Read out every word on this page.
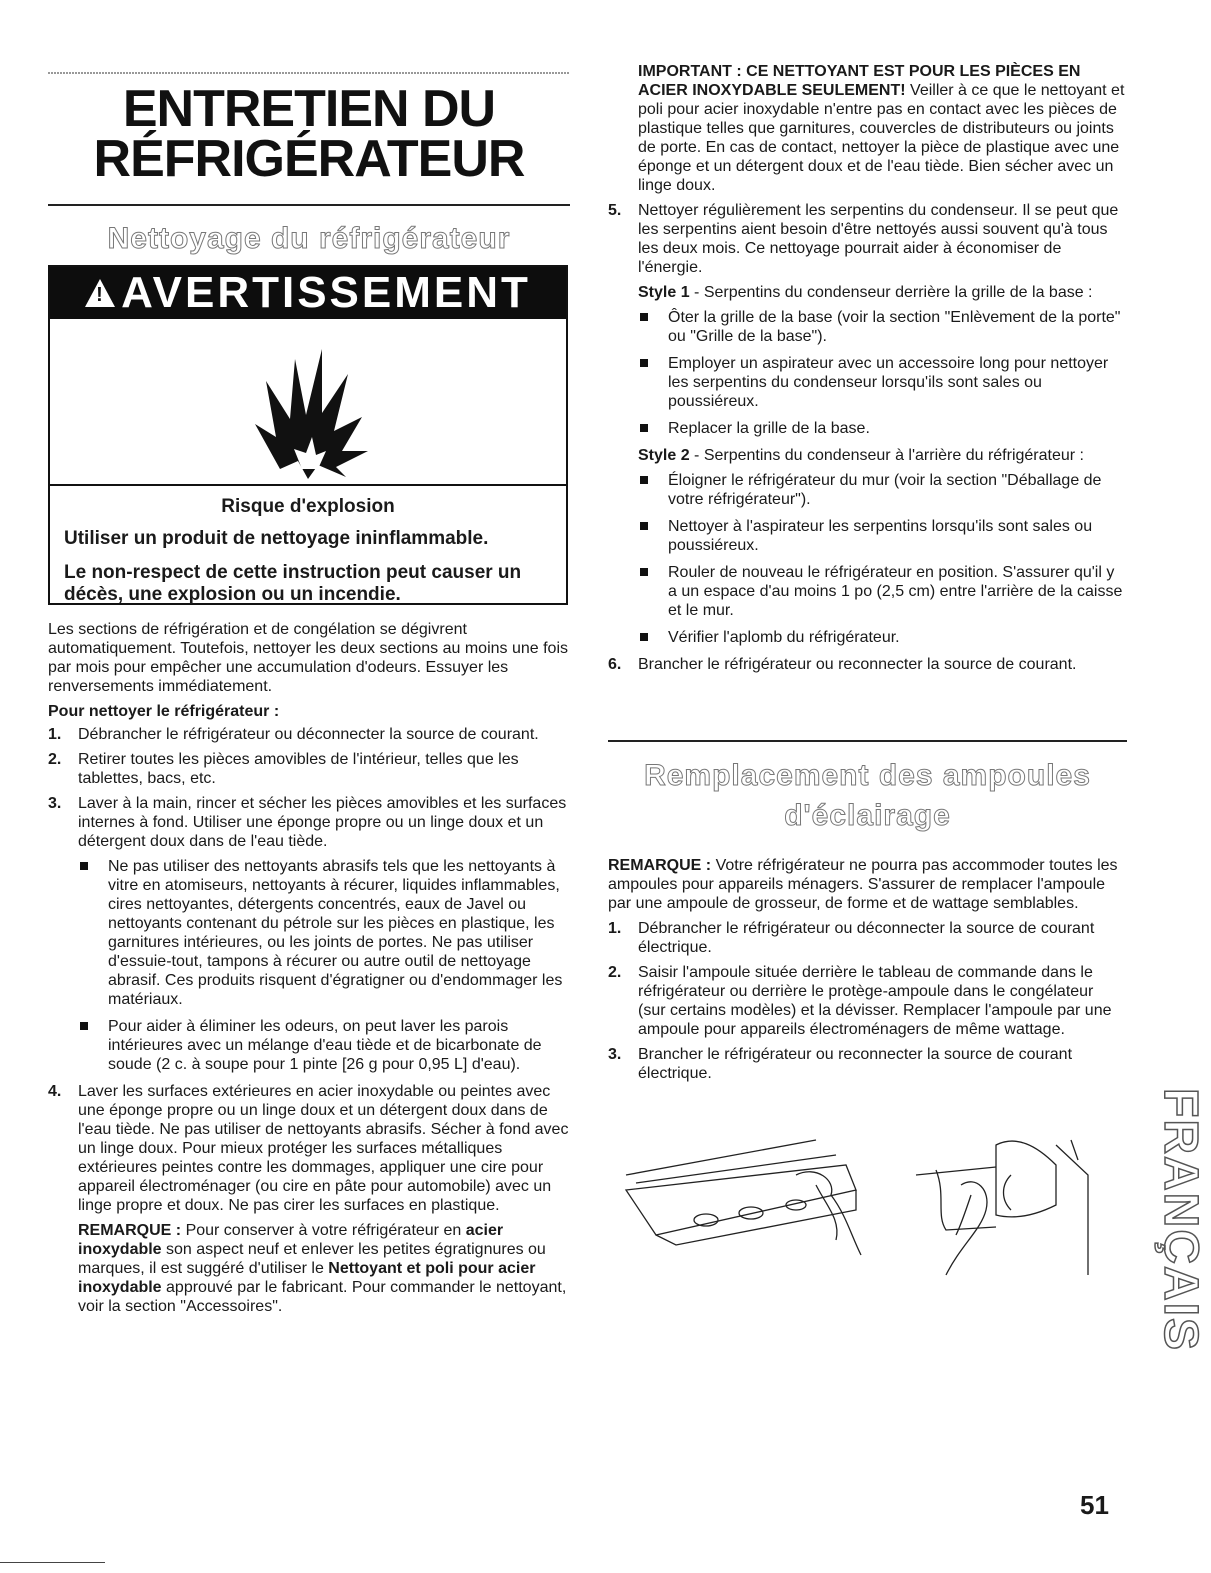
ENTRETIEN DU
RÉFRIGÉRATEUR
Nettoyage du réfrigérateur
!
AVERTISSEMENT

Risque d'explosion

Utiliser un produit de nettoyage ininflammable.

Le non-respect de cette instruction peut causer un décès, une explosion ou un incendie.

Les sections de réfrigération et de congélation se dégivrent automatiquement. Toutefois, nettoyer les deux sections au moins une fois par mois pour empêcher une accumulation d'odeurs. Essuyer les renversements immédiatement.

Pour nettoyer le réfrigérateur :

1. Débrancher le réfrigérateur ou déconnecter la source de courant.
2. Retirer toutes les pièces amovibles de l'intérieur, telles que les tablettes, bacs, etc.
3. Laver à la main, rincer et sécher les pièces amovibles et les surfaces internes à fond. Utiliser une éponge propre ou un linge doux et un détergent doux dans de l'eau tiède.
Ne pas utiliser des nettoyants abrasifs tels que les nettoyants à vitre en atomiseurs, nettoyants à récurer, liquides inflammables, cires nettoyantes, détergents concentrés, eaux de Javel ou nettoyants contenant du pétrole sur les pièces en plastique, les garnitures intérieures, ou les joints de portes. Ne pas utiliser d'essuie-tout, tampons à récurer ou autre outil de nettoyage abrasif. Ces produits risquent d'égratigner ou d'endommager les matériaux.
Pour aider à éliminer les odeurs, on peut laver les parois intérieures avec un mélange d'eau tiède et de bicarbonate de soude (2 c. à soupe pour 1 pinte [26 g pour 0,95 L] d'eau).
4. Laver les surfaces extérieures en acier inoxydable ou peintes avec une éponge propre ou un linge doux et un détergent doux dans de l'eau tiède. Ne pas utiliser de nettoyants abrasifs. Sécher à fond avec un linge doux. Pour mieux protéger les surfaces métalliques extérieures peintes contre les dommages, appliquer une cire pour appareil électroménager (ou cire en pâte pour automobile) avec un linge propre et doux. Ne pas cirer les surfaces en plastique.

REMARQUE : Pour conserver à votre réfrigérateur en acier inoxydable son aspect neuf et enlever les petites égratignures ou marques, il est suggéré d'utiliser le Nettoyant et poli pour acier inoxydable approuvé par le fabricant. Pour commander le nettoyant, voir la section "Accessoires".

IMPORTANT : CE NETTOYANT EST POUR LES PIÈCES EN ACIER INOXYDABLE SEULEMENT! Veiller à ce que le nettoyant et poli pour acier inoxydable n'entre pas en contact avec les pièces de plastique telles que garnitures, couvercles de distributeurs ou joints de porte. En cas de contact, nettoyer la pièce de plastique avec une éponge et un détergent doux et de l'eau tiède. Bien sécher avec un linge doux.

5. Nettoyer régulièrement les serpentins du condenseur. Il se peut que les serpentins aient besoin d'être nettoyés aussi souvent qu'à tous les deux mois. Ce nettoyage pourrait aider à économiser de l'énergie.

Style 1 - Serpentins du condenseur derrière la grille de la base :

Ôter la grille de la base (voir la section "Enlèvement de la porte" ou "Grille de la base").
Employer un aspirateur avec un accessoire long pour nettoyer les serpentins du condenseur lorsqu'ils sont sales ou poussiéreux.
Replacer la grille de la base.

Style 2 - Serpentins du condenseur à l'arrière du réfrigérateur :

Éloigner le réfrigérateur du mur (voir la section "Déballage de votre réfrigérateur").
Nettoyer à l'aspirateur les serpentins lorsqu'ils sont sales ou poussiéreux.
Rouler de nouveau le réfrigérateur en position. S'assurer qu'il y a un espace d'au moins 1 po (2,5 cm) entre l'arrière de la caisse et le mur.
Vérifier l'aplomb du réfrigérateur.
6. Brancher le réfrigérateur ou reconnecter la source de courant.
Remplacement des ampoules
d'éclairage

REMARQUE : Votre réfrigérateur ne pourra pas accommoder toutes les ampoules pour appareils ménagers. S'assurer de remplacer l'ampoule par une ampoule de grosseur, de forme et de wattage semblables.

1. Débrancher le réfrigérateur ou déconnecter la source de courant électrique.
2. Saisir l'ampoule située derrière le tableau de commande dans le réfrigérateur ou derrière le protège-ampoule dans le congélateur (sur certains modèles) et la dévisser. Remplacer l'ampoule par une ampoule pour appareils électroménagers de même wattage.
3. Brancher le réfrigérateur ou reconnecter la source de courant électrique.
FRANÇAIS
51
